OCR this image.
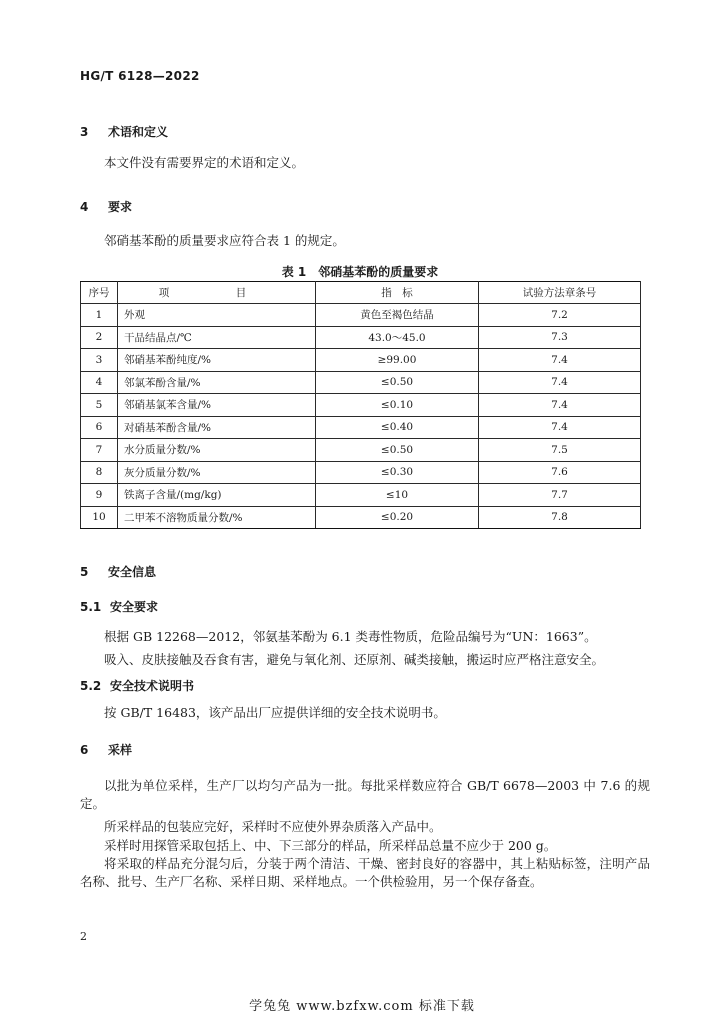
HG/T 6128—2022
3 术语和定义
本文件没有需要界定的术语和定义。
4 要求
邻硝基苯酚的质量要求应符合表 1 的规定。
表 1　邻硝基苯酚的质量要求
序号	项　目	指　标	试验方法章条号
1	外观	黄色至褐色结晶	7.2
2	干品结晶点/℃	43.0～45.0	7.3
3	邻硝基苯酚纯度/%	≥99.00	7.4
4	邻氯苯酚含量/%	≤0.50	7.4
5	邻硝基氯苯含量/%	≤0.10	7.4
6	对硝基苯酚含量/%	≤0.40	7.4
7	水分质量分数/%	≤0.50	7.5
8	灰分质量分数/%	≤0.30	7.6
9	铁离子含量/(mg/kg)	≤10	7.7
10	二甲苯不溶物质量分数/%	≤0.20	7.8
5 安全信息
5.1 安全要求
根据 GB 12268—2012，邻氨基苯酚为 6.1 类毒性物质，危险品编号为“UN：1663”。
吸入、皮肤接触及吞食有害，避免与氧化剂、还原剂、碱类接触，搬运时应严格注意安全。
5.2 安全技术说明书
按 GB/T 16483，该产品出厂应提供详细的安全技术说明书。
6 采样
以批为单位采样，生产厂以均匀产品为一批。每批采样数应符合 GB/T 6678—2003 中 7.6 的规定。
所采样品的包装应完好，采样时不应使外界杂质落入产品中。
采样时用探管采取包括上、中、下三部分的样品，所采样品总量不应少于 200 g。
将采取的样品充分混匀后，分装于两个清洁、干燥、密封良好的容器中，其上粘贴标签，注明产品名称、批号、生产厂名称、采样日期、采样地点。一个供检验用，另一个保存备查。
2
学兔兔 www.bzfxw.com 标准下载
